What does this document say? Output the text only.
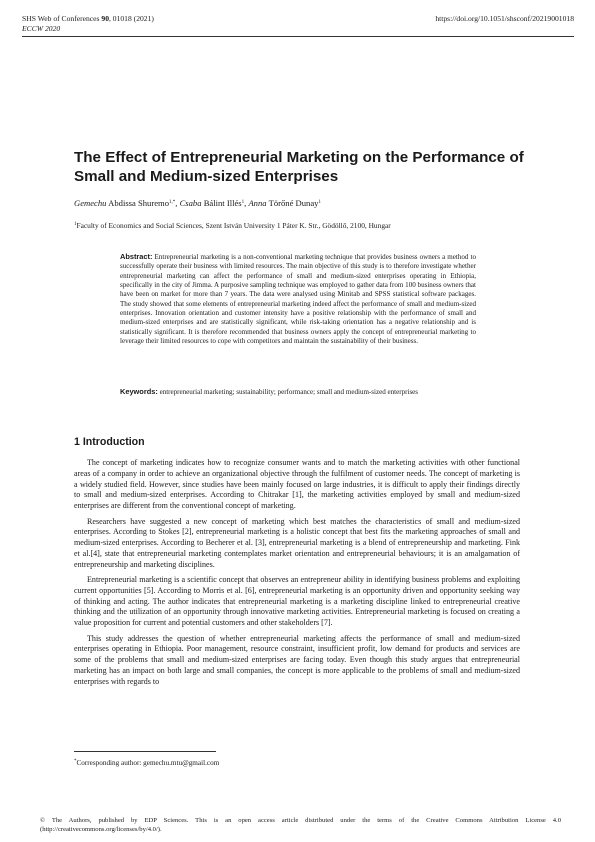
SHS Web of Conferences 90, 01018 (2021)
ECCW 2020
https://doi.org/10.1051/shsconf/20219001018
The Effect of Entrepreneurial Marketing on the Performance of Small and Medium-sized Enterprises
Gemechu Abdissa Shuremo$^{1,*}$, Csaba Bálint Illés$^1$, Anna Törőné Dunay$^1$
$^1$Faculty of Economics and Social Sciences, Szent István University 1 Páter K. Str., Gödöllő, 2100, Hungar
Abstract: Entrepreneurial marketing is a non-conventional marketing technique that provides business owners a method to successfully operate their business with limited resources. The main objective of this study is to therefore investigate whether entrepreneurial marketing can affect the performance of small and medium-sized enterprises operating in Ethiopia, specifically in the city of Jimma. A purposive sampling technique was employed to gather data from 100 business owners that have been on market for more than 7 years. The data were analysed using Minitab and SPSS statistical software packages. The study showed that some elements of entrepreneurial marketing indeed affect the performance of small and medium-sized enterprises. Innovation orientation and customer intensity have a positive relationship with the performance of small and medium-sized enterprises and are statistically significant, while risk-taking orientation has a negative relationship and is statistically significant. It is therefore recommended that business owners apply the concept of entrepreneurial marketing to leverage their limited resources to cope with competitors and maintain the sustainability of their business.
Keywords: entrepreneurial marketing; sustainability; performance; small and medium-sized enterprises
1 Introduction

The concept of marketing indicates how to recognize consumer wants and to match the marketing activities with other functional areas of a company in order to achieve an organizational objective through the fulfilment of customer needs. The concept of marketing is a widely studied field. However, since studies have been mainly focused on large industries, it is difficult to apply their findings directly to small and medium-sized enterprises. According to Chitrakar [1], the marketing activities employed by small and medium-sized enterprises are different from the conventional concept of marketing.

Researchers have suggested a new concept of marketing which best matches the characteristics of small and medium-sized enterprises. According to Stokes [2], entrepreneurial marketing is a holistic concept that best fits the marketing approaches of small and medium-sized enterprises. According to Becherer et al. [3], entrepreneurial marketing is a blend of entrepreneurship and marketing. Fink et al.[4], state that entrepreneurial marketing contemplates market orientation and entrepreneurial behaviours; it is an amalgamation of entrepreneurship and marketing disciplines.

Entrepreneurial marketing is a scientific concept that observes an entrepreneur ability in identifying business problems and exploiting current opportunities [5]. According to Morris et al. [6], entrepreneurial marketing is an opportunity driven and opportunity seeking way of thinking and acting. The author indicates that entrepreneurial marketing is a marketing discipline linked to entrepreneurial creative thinking and the utilization of an opportunity through innovative marketing activities. Entrepreneurial marketing is focused on creating a value proposition for current and potential customers and other stakeholders [7].

This study addresses the question of whether entrepreneurial marketing affects the performance of small and medium-sized enterprises operating in Ethiopia. Poor management, resource constraint, insufficient profit, low demand for products and services are some of the problems that small and medium-sized enterprises are facing today. Even though this study argues that entrepreneurial marketing has an impact on both large and small companies, the concept is more applicable to the problems of small and medium-sized enterprises with regards to

*Corresponding author: gemechu.mtu@gmail.com
© The Authors, published by EDP Sciences. This is an open access article distributed under the terms of the Creative Commons Attribution License 4.0 (http://creativecommons.org/licenses/by/4.0/).
